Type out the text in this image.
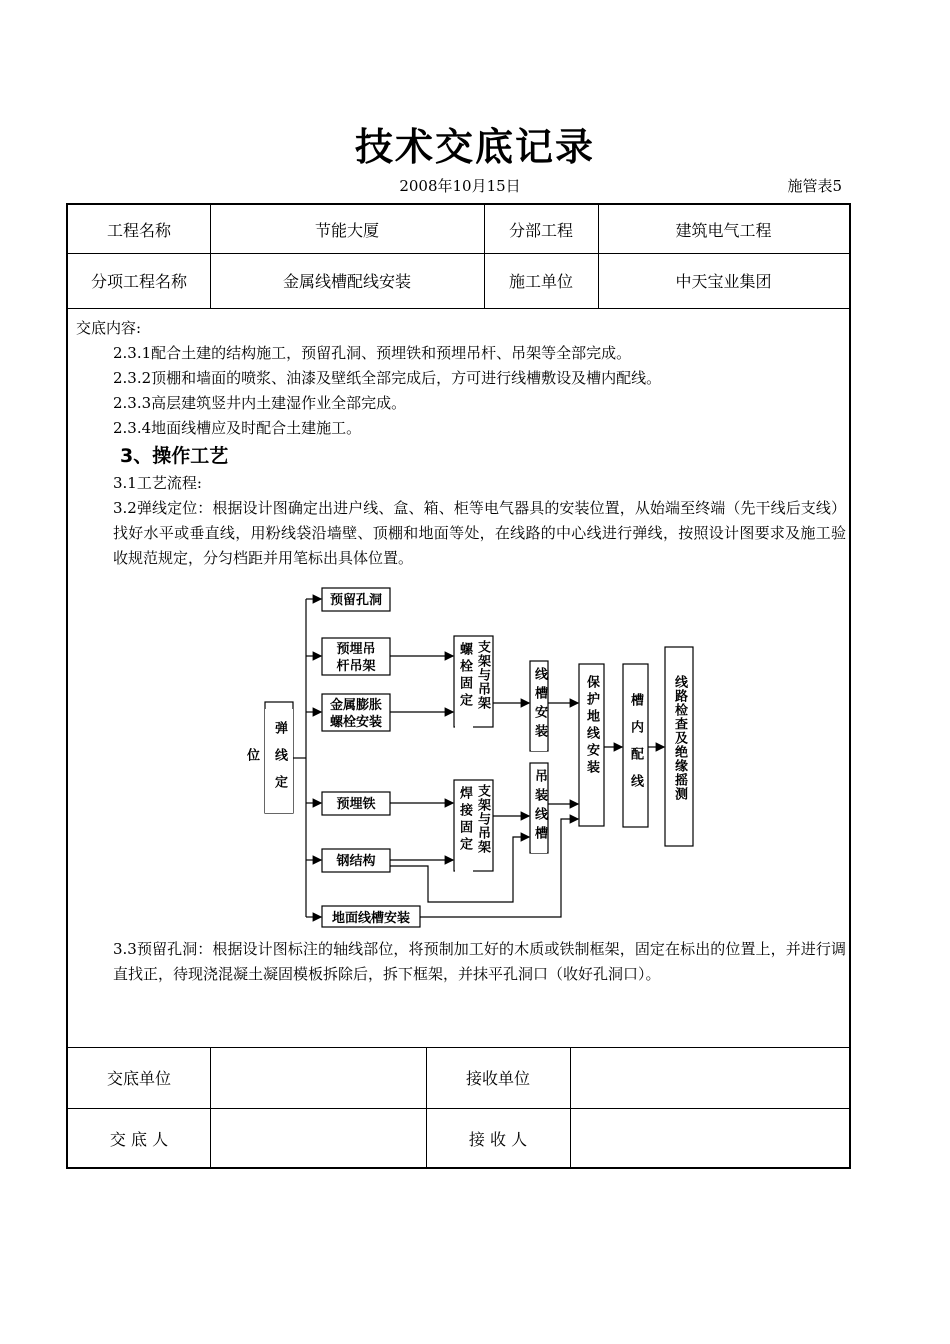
技术交底记录
2008年10月15日	施管表5
工程名称	节能大厦	分部工程	建筑电气工程
分项工程名称	金属线槽配线安装	施工单位	中天宝业集团

交底内容:

2.3.1配合土建的结构施工，预留孔洞、预埋铁和预埋吊杆、吊架等全部完成。

2.3.2顶棚和墙面的喷浆、油漆及壁纸全部完成后，方可进行线槽敷设及槽内配线。

2.3.3高层建筑竖井内土建湿作业全部完成。

2.3.4地面线槽应及时配合土建施工。

3、操作工艺

3.1工艺流程:

3.2弹线定位：根据设计图确定出进户线、盒、箱、柜等电气器具的安装位置，从始端至终端（先干线后支线）找好水平或垂直线，用粉线袋沿墙壁、顶棚和地面等处，在线路的中心线进行弹线，按照设计图要求及施工验收规范规定，分匀档距并用笔标出具体位置。

预留孔洞
预埋吊
杆吊架
金属膨胀
螺栓安装
预埋铁
钢结构
地面线槽安装
弹线定位
螺栓固定 支架与吊架
焊接固定 支架与吊架
线槽安装
吊装线槽
保护地线安装 槽内配线	线路检查及绝缘摇测

3.3预留孔洞：根据设计图标注的轴线部位，将预制加工好的木质或铁制框架，固定在标出的位置上，并进行调直找正，待现浇混凝土凝固模板拆除后，拆下框架，并抹平孔洞口（收好孔洞口）。

交底单位	接收单位
交 底 人	接 收 人
